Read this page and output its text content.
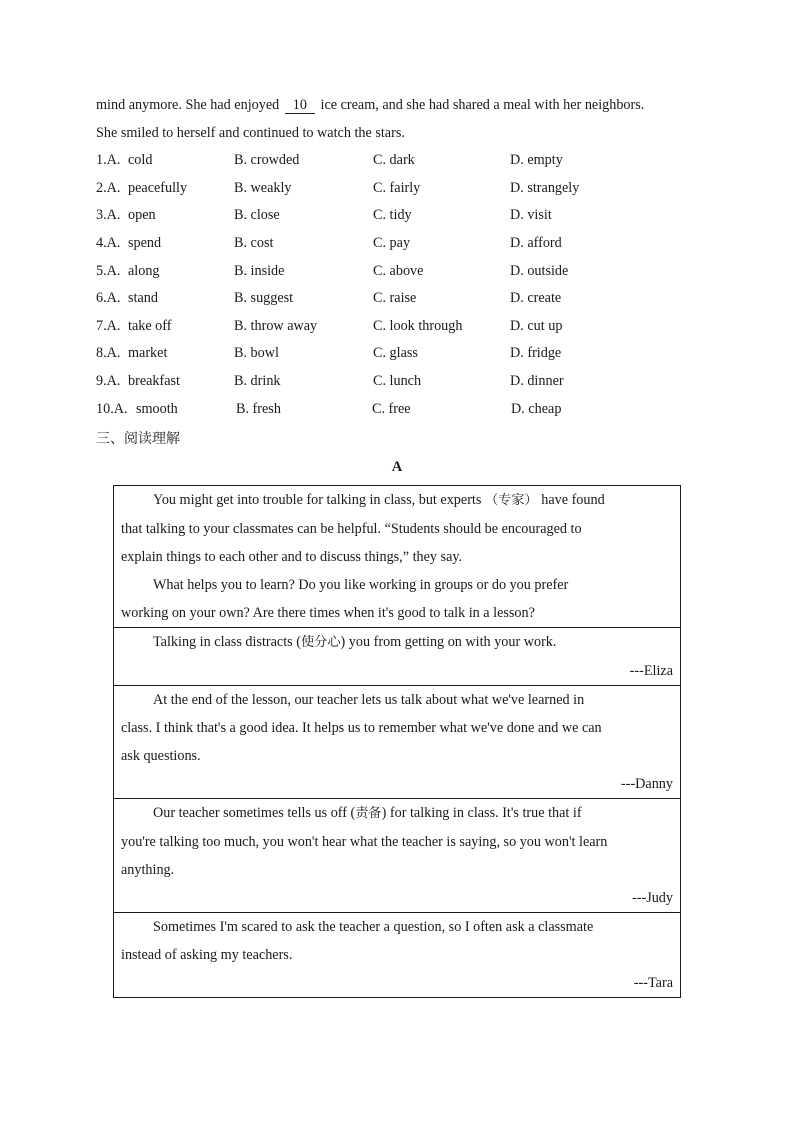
mind anymore. She had enjoyed 10 ice cream, and she had shared a meal with her neighbors.
She smiled to herself and continued to watch the stars.
1.A. cold	B. crowded	C. dark	D. empty
2.A. peacefully	B. weakly	C. fairly	D. strangely
3.A. open	B. close	C. tidy	D. visit
4.A. spend	B. cost	C. pay	D. afford
5.A. along	B. inside	C. above	D. outside
6.A. stand	B. suggest	C. raise	D. create
7.A. take off	B. throw away	C. look through	D. cut up
8.A. market	B. bowl	C. glass	D. fridge
9.A. breakfast	B. drink	C. lunch	D. dinner
10.A. smooth	B. fresh	C. free	D. cheap
三、阅读理解
A
You might get into trouble for talking in class, but experts （专家） have found
that talking to your classmates can be helpful. “Students should be encouraged to
explain things to each other and to discuss things,” they say.
What helps you to learn? Do you like working in groups or do you prefer
working on your own? Are there times when it's good to talk in a lesson?

Talking in class distracts (使分心) you from getting on with your work.
---Eliza

At the end of the lesson, our teacher lets us talk about what we've learned in
class. I think that's a good idea. It helps us to remember what we've done and we can
ask questions.
---Danny

Our teacher sometimes tells us off (责备) for talking in class. It's true that if
you're talking too much, you won't hear what the teacher is saying, so you won't learn
anything.
---Judy

Sometimes I'm scared to ask the teacher a question, so I often ask a classmate
instead of asking my teachers.
---Tara
